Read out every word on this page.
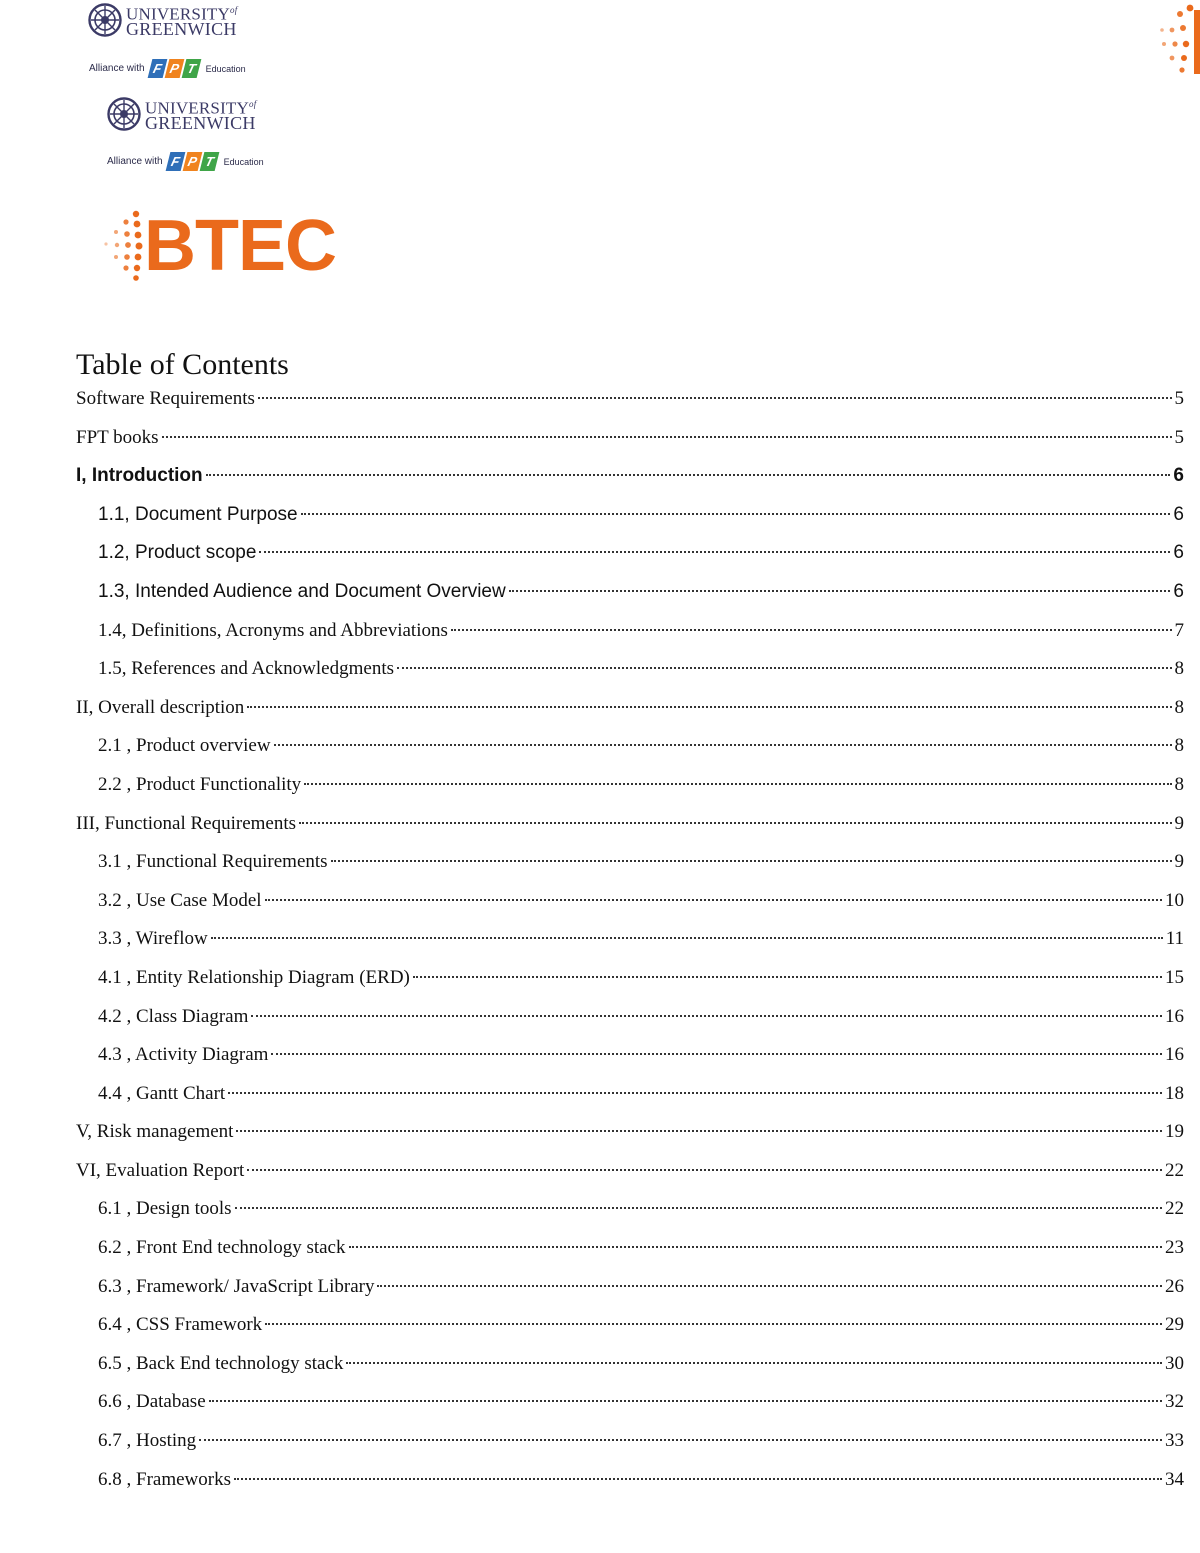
$UNIVERSITY^{of}$
GREENWICH
Alliance with F P T Education
$UNIVERSITY^{of}$
GREENWICH
Alliance with F P T Education
BTEC
Table of Contents
Software Requirements	5
FPT books	5
I, Introduction	6
1.1, Document Purpose	6
1.2, Product scope	6
1.3, Intended Audience and Document Overview	6
1.4, Definitions, Acronyms and Abbreviations	7
1.5, References and Acknowledgments	8
II, Overall description	8
2.1 , Product overview	8
2.2 , Product Functionality	8
III, Functional Requirements	9
3.1 , Functional Requirements	9
3.2 , Use Case Model	10
3.3 , Wireflow	11
4.1 , Entity Relationship Diagram (ERD)	15
4.2 , Class Diagram	16
4.3 , Activity Diagram	16
4.4 , Gantt Chart	18
V, Risk management	19
VI, Evaluation Report	22
6.1 , Design tools	22
6.2 , Front End technology stack	23
6.3 , Framework/ JavaScript Library	26
6.4 , CSS Framework	29
6.5 , Back End technology stack	30
6.6 , Database	32
6.7 , Hosting	33
6.8 , Frameworks	34
